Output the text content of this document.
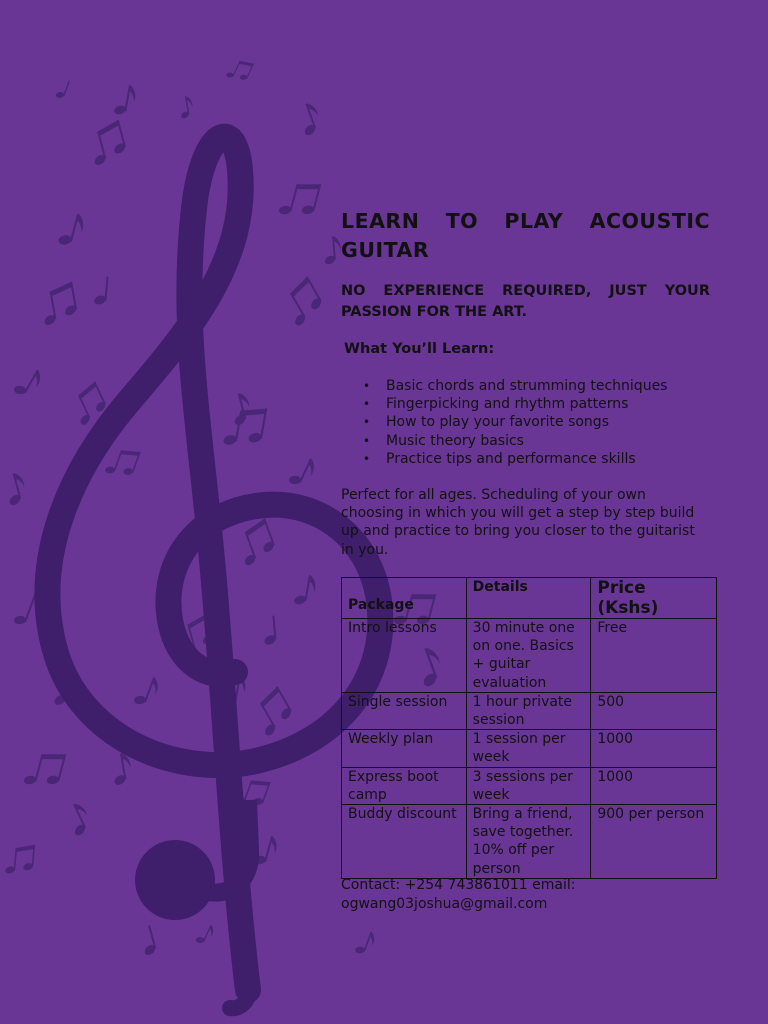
LEARN TO PLAY ACOUSTIC GUITAR

NO EXPERIENCE REQUIRED, JUST YOUR PASSION FOR THE ART.

What You’ll Learn:

• Basic chords and strumming techniques
• Fingerpicking and rhythm patterns
• How to play your favorite songs
• Music theory basics
• Practice tips and performance skills

Perfect for all ages. Scheduling of your own choosing in which you will get a step by step build up and practice to bring you closer to the guitarist in you.

Package	Details	Price (Kshs)
Intro lessons	30 minute one on one. Basics + guitar evaluation	Free
Single session	1 hour private session	500
Weekly plan	1 session per week	1000
Express boot camp	3 sessions per week	1000
Buddy discount	Bring a friend, save together. 10% off per person	900 per person

Contact: +254 743861011 email: ogwang03joshua@gmail.com
